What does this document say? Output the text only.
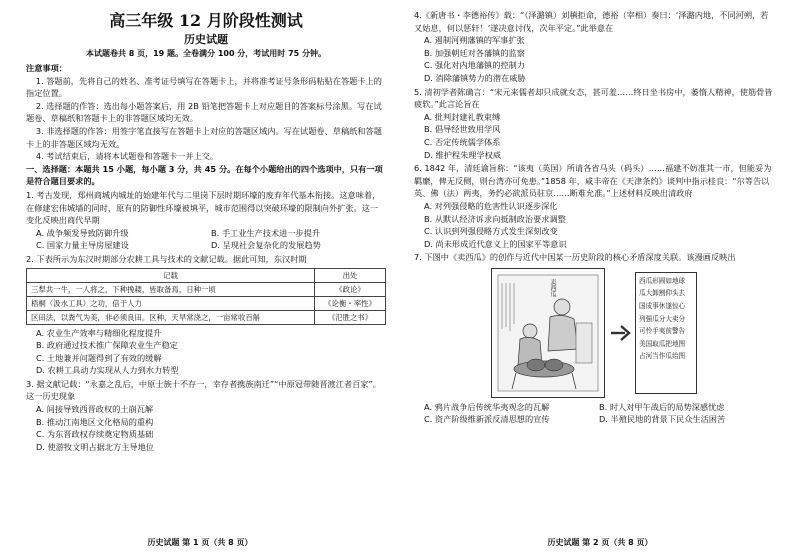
高三年级 12 月阶段性测试
历史试题
本试题卷共 8 页，19 题。全卷满分 100 分，考试用时 75 分钟。
注意事项：
1. 答题前，先将自己的姓名、准考证号填写在答题卡上，并将准考证号条形码粘贴在答题卡上的指定位置。
2. 选择题的作答：选出每小题答案后，用 2B 铅笔把答题卡上对应题目的答案标号涂黑。写在试题卷、草稿纸和答题卡上的非答题区域均无效。
3. 非选择题的作答：用签字笔直接写在答题卡上对应的答题区域内。写在试题卷、草稿纸和答题卡上的非答题区域均无效。
4. 考试结束后，请将本试题卷和答题卡一并上交。
一、选择题：本题共 15 小题，每小题 3 分，共 45 分。在每个小题给出的四个选项中，只有一项是符合题目要求的。
1. 考古发现，郑州商城内城址的始建年代与二里岗下层时期环壕的废弃年代基本衔接。这意味着，在修建宏伟城墙的同时，原有的防御性环壕被填平，城市范围得以突破环壕的限制向外扩张。这一变化反映出商代早期
A. 战争频发导致防御升级	B. 手工业生产技术进一步提升
C. 国家力量主导房屋建设	D. 呈现社会复杂化的发展趋势
2. 下表所示为东汉时期部分农耕工具与技术的文献记载。据此可知，东汉时期
记载	出处
三犁共一牛，一人将之，下种挽耧，皆取备焉，日种一顷	《政论》
梧桐（汲水工具）之功，倍于人力	《论衡・率性》
区田法，以粪气为美，非必须良田。区种，天旱常浇之，一亩常收百斛	《氾胜之书》
A. 农业生产效率与精细化程度提升
B. 政府通过技术推广保障农业生产稳定
C. 土地兼并问题得到了有效的缓解
D. 农耕工具动力实现从人力到水力转型
3. 据文献记载：“永嘉之乱后，中原士族十不存一，幸存者携族南迁”“中原冠带随晋渡江者百家”。这一历史现象
A. 间接导致西晋政权的土崩瓦解
B. 推动江南地区文化格局的重构
C. 为东晋政权存续奠定物质基础
D. 使游牧文明占据北方主导地位
历史试题 第 1 页（共 8 页）
4.《新唐书・李德裕传》载：“（泽潞镇）刘稹拒命，德裕（宰相）奏曰：‘泽潞内地，不同河朔，若又姑息，何以惩轩！’遂决意讨伐，次年平定。”此举意在
A. 遏制河朔藩镇的军事扩张
B. 加强朝廷对各藩镇的监察
C. 强化对内地藩镇的控制力
D. 消除藩镇势力的潜在威胁
5. 清初学者陈确言：“宋元来儒者却只成就女态，甚可羞……终日坐书房中，萎惰人精神，使筋骨皆疲软。”此言论旨在
A. 批判封建礼教束缚
B. 倡导经世致用学风
C. 否定传统儒学体系
D. 维护程朱理学权威
6. 1842 年，清廷谕旨称：“该夷（英国）所请各省马头（码头）……福建不妨准其一市，但能妥为羁縻，俾无反侧，则台湾亦可免患。”1858 年，咸丰帝在《天津条约》谈判中指示桂良：“尔等告以英、佛（法）两夷，务约必欲派员驻京……断难允准。”上述材料反映出清政府
A. 对列强侵略的危害性认识逐步深化
B. 从默认经济诉求向抵制政治要求调整
C. 认识到列强侵略方式发生深刻改变
D. 尚未形成近代意义上的国家平等意识
7. 下图中《卖西瓜》的创作与近代中国某一历史阶段的核心矛盾深度关联。该漫画反映出
卖西瓜	西瓜形圆如地球
瓜大卸割仰头去
国成事休遂惊心
列强瓜分大卖分
可怜手夷前警告
美国取瓜把地图
占河当作瓜给图
A. 鸦片战争后传统华夷观念的瓦解	B. 时人对甲午战后的局势深感忧虑
C. 资产阶级维新派反清思想的宣传	D. 半殖民地的背景下民众生活困苦
历史试题 第 2 页（共 8 页）
